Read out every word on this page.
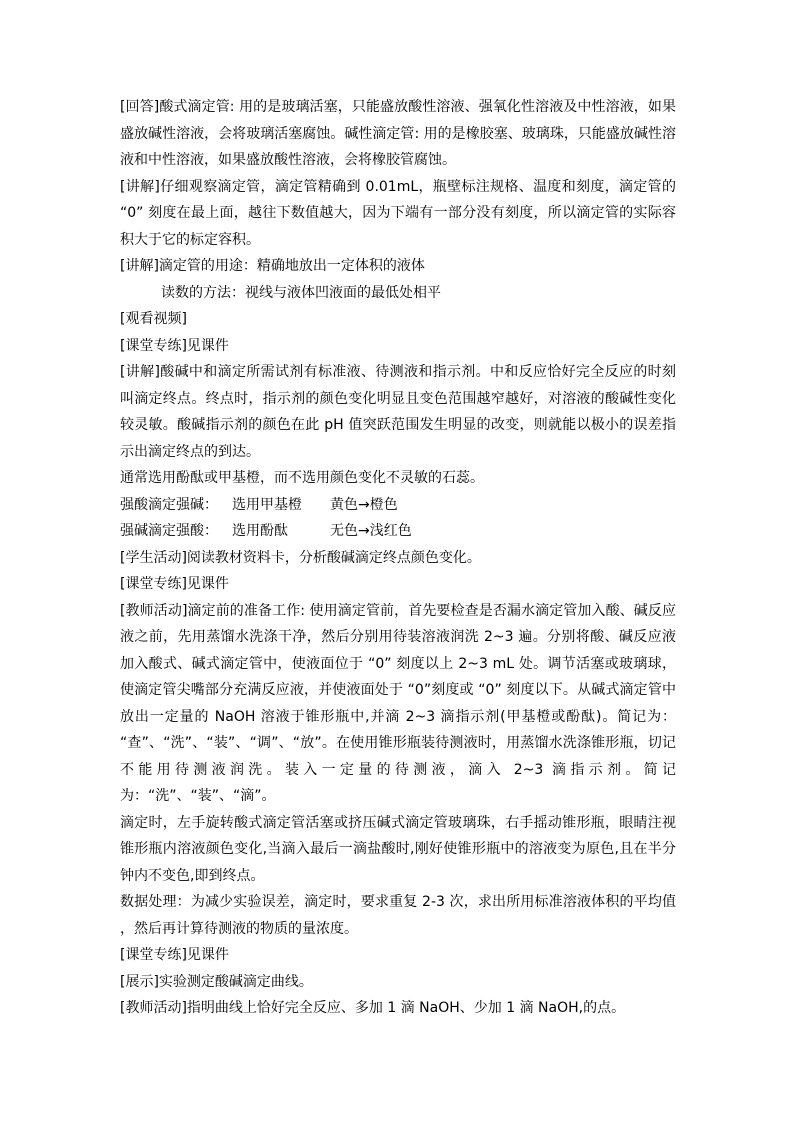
[回答]酸式滴定管: 用的是玻璃活塞，只能盛放酸性溶液、强氧化性溶液及中性溶液，如果盛放碱性溶液，会将玻璃活塞腐蚀。碱性滴定管: 用的是橡胶塞、玻璃珠，只能盛放碱性溶液和中性溶液，如果盛放酸性溶液，会将橡胶管腐蚀。

[讲解]仔细观察滴定管，滴定管精确到 0.01mL，瓶壁标注规格、温度和刻度，滴定管的 “0” 刻度在最上面，越往下数值越大，因为下端有一部分没有刻度，所以滴定管的实际容积大于它的标定容积。

[讲解]滴定管的用途：精确地放出一定体积的液体

读数的方法：视线与液体凹液面的最低处相平

[观看视频]

[课堂专练]见课件

[讲解]酸碱中和滴定所需试剂有标准液、待测液和指示剂。中和反应恰好完全反应的时刻叫滴定终点。终点时，指示剂的颜色变化明显且变色范围越窄越好，对溶液的酸碱性变化较灵敏。酸碱指示剂的颜色在此 pH 值突跃范围发生明显的改变，则就能以极小的误差指示出滴定终点的到达。

通常选用酚酞或甲基橙，而不选用颜色变化不灵敏的石蕊。

强酸滴定强碱：	选用甲基橙	黄色→橙色
强碱滴定强酸：	选用酚酞	无色→浅红色

[学生活动]阅读教材资料卡，分析酸碱滴定终点颜色变化。

[课堂专练]见课件

[教师活动]滴定前的准备工作: 使用滴定管前，首先要检查是否漏水滴定管加入酸、碱反应液之前，先用蒸馏水洗涤干净，然后分别用待装溶液润洗 2~3 遍。分别将酸、碱反应液加入酸式、碱式滴定管中，使液面位于 “0” 刻度以上 2~3 mL 处。调节活塞或玻璃球，使滴定管尖嘴部分充满反应液，并使液面处于 “0”刻度或 “0” 刻度以下。从碱式滴定管中放出一定量的 NaOH 溶液于锥形瓶中,并滴 2~3 滴指示剂(甲基橙或酚酞)。简记为： “查”、“洗”、“装”、“调”、“放”。在使用锥形瓶装待测液时，用蒸馏水洗涤锥形瓶，切记不能用待测液润洗。装入一定量的待测液，滴入 2~3 滴指示剂。简记为：“洗”、“装”、“滴”。

滴定时，左手旋转酸式滴定管活塞或挤压碱式滴定管玻璃珠，右手摇动锥形瓶，眼睛注视锥形瓶内溶液颜色变化,当滴入最后一滴盐酸时,刚好使锥形瓶中的溶液变为原色,且在半分钟内不变色,即到终点。

数据处理：为减少实验误差，滴定时，要求重复 2-3 次，求出所用标准溶液体积的平均值 ，然后再计算待测液的物质的量浓度。

[课堂专练]见课件

[展示]实验测定酸碱滴定曲线。

[教师活动]指明曲线上恰好完全反应、多加 1 滴 NaOH、少加 1 滴 NaOH,的点。
